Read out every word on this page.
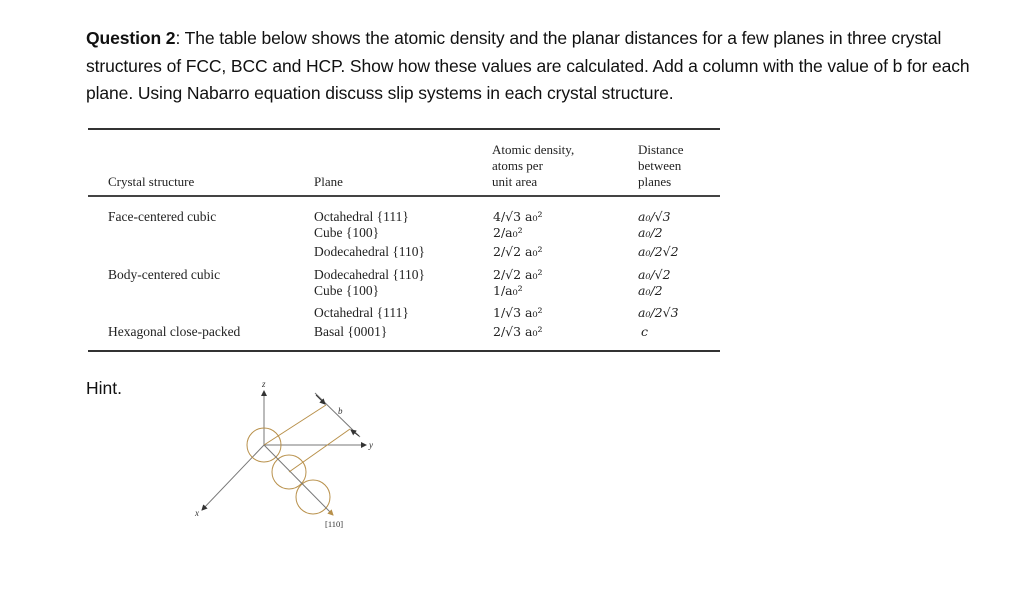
Question 2: The table below shows the atomic density and the planar distances for a few planes in three crystal structures of FCC, BCC and HCP. Show how these values are calculated. Add a column with the value of b for each plane. Using Nabarro equation discuss slip systems in each crystal structure.
Crystal structure	Plane
Atomic density,
atoms per
unit area
Distance
between
planes
Face-centered cubic
Body-centered cubic
Hexagonal close-packed
Octahedral {111}
Cube {100}
Dodecahedral {110}
Dodecahedral {110}
Cube {100}
Octahedral {111}
Basal {0001}
4/√3 a₀²
2/a₀²
2/√2 a₀²
2/√2 a₀²
1/a₀²
1/√3 a₀²
2/√3 a₀²
a₀/√3
a₀/2
a₀/2√2
a₀/√2
a₀/2
a₀/2√3
c
Hint.	z
y
x
b
[110]
